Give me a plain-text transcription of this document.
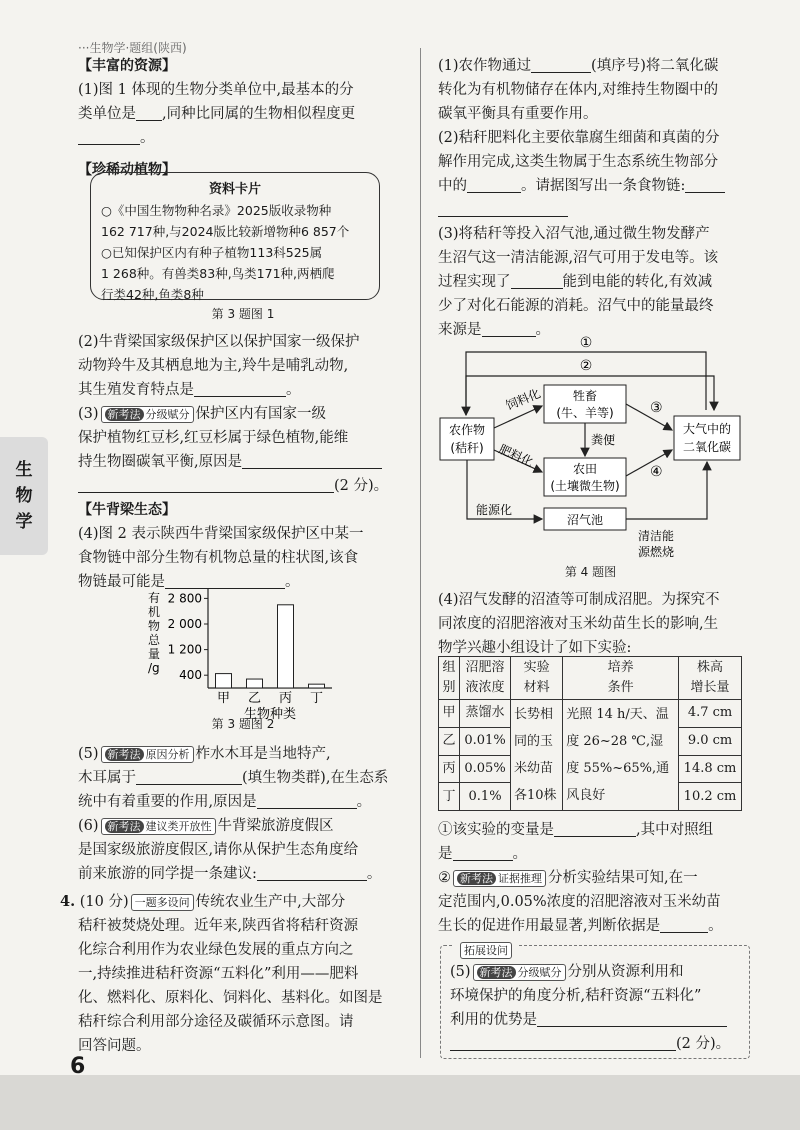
···生物学·题组(陕西)
生
物
学
6

【丰富的资源】

(1)图 1 体现的生物分类单位中,最基本的分

类单位是 ,同种比同属的生物相似程度更

。

【珍稀动植物】

资料卡片
○《中国生物物种名录》2025版收录物种
162 717种,与2024版比较新增物种6 857个
○已知保护区内有种子植物113科525属
1 268种。有兽类83种,鸟类171种,两栖爬
行类42种,鱼类8种

第 3 题图 1

(2)牛背梁国家级保护区以保护国家一级保护

动物羚牛及其栖息地为主,羚牛是哺乳动物,

其生殖发育特点是	。

(3) 新考法 分级赋分 保护区内有国家一级

保护植物红豆杉,红豆杉属于绿色植物,能维

持生物圈碳氧平衡,原因是

(2 分)。

【牛背梁生态】

(4)图 2 表示陕西牛背梁国家级保护区中某一

食物链中部分生物有机物总量的柱状图,该食

物链最可能是	。

有机物总量/g
400
1 200
2 000
2 800
甲 乙 丙 丁
生物种类

第 3 题图 2

(5) 新考法 原因分析 柞水木耳是当地特产,

木耳属于	(填生物类群),在生态系

统中有着重要的作用,原因是	。

(6) 新考法 建议类开放性 牛背梁旅游度假区

是国家级旅游度假区,请你从保护生态角度给

前来旅游的同学提一条建议:	。

4. (10 分) 一题多设问 传统农业生产中,大部分

秸秆被焚烧处理。近年来,陕西省将秸秆资源

化综合利用作为农业绿色发展的重点方向之

一,持续推进秸秆资源“五料化”利用——肥料

化、燃料化、原料化、饲料化、基料化。如图是

秸秆综合利用部分途径及碳循环示意图。请

回答问题。

(1)农作物通过	(填序号)将二氧化碳

转化为有机物储存在体内,对维持生物圈中的

碳氧平衡具有重要作用。

(2)秸秆肥料化主要依靠腐生细菌和真菌的分

解作用完成,这类生物属于生态系统生物部分

中的	。请据图写出一条食物链:

(3)将秸秆等投入沼气池,通过微生物发酵产

生沼气这一清洁能源,沼气可用于发电等。该

过程实现了	能到电能的转化,有效减

少了对化石能源的消耗。沼气中的能量最终

来源是	。

①
②
农作物
(秸秆)
牲畜
(牛、羊等)
农田
(土壤微生物)
大气中的
二氧化碳
沼气池
饲料化
肥料化
粪便
③
④
能源化
清洁能
源燃烧

第 4 题图

(4)沼气发酵的沼渣等可制成沼肥。为探究不

同浓度的沼肥溶液对玉米幼苗生长的影响,生

物学兴趣小组设计了如下实验:

组
别	沼肥溶
液浓度	实验
材料	培养
条件	株高
增长量
甲	蒸馏水	长势相
同的玉
米幼苗
各10株	光照 14 h/天、温
度 26~28 ℃,湿
度 55%~65%,通
风良好	4.7 cm
乙	0.01%			9.0 cm
丙	0.05%			14.8 cm
丁	0.1%			10.2 cm

①该实验的变量是	,其中对照组

是	。

② 新考法 证据推理 分析实验结果可知,在一

定范围内,0.05%浓度的沼肥溶液对玉米幼苗

生长的促进作用最显著,判断依据是	。

拓展设问

(5) 新考法 分级赋分 分别从资源利用和

环境保护的角度分析,秸秆资源“五料化”

利用的优势是

(2 分)。
